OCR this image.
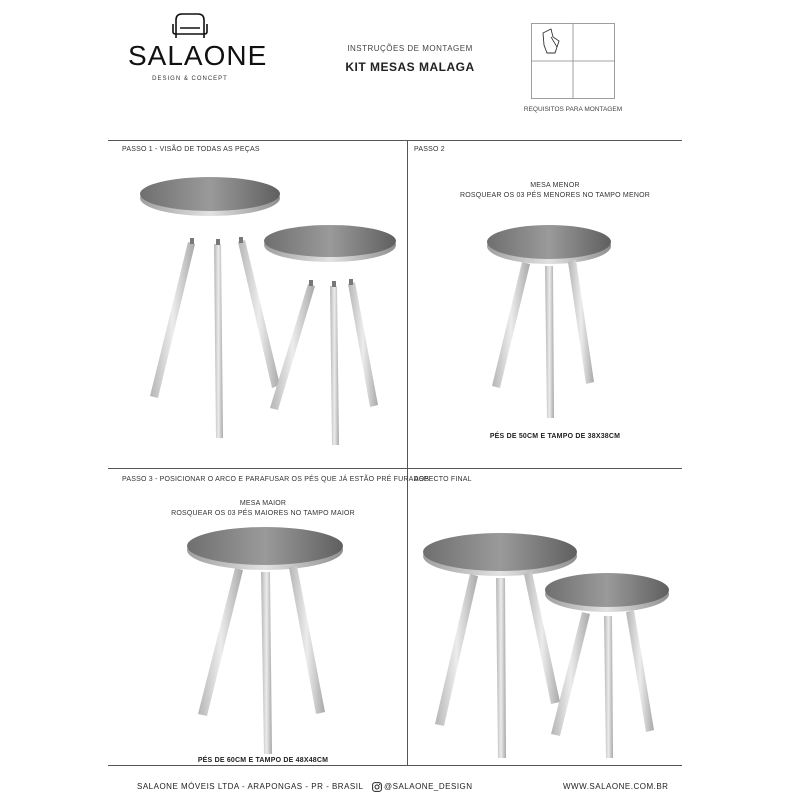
SALAONE
DESIGN & CONCEPT
INSTRUÇÕES DE MONTAGEM
KIT MESAS MALAGA
REQUISITOS PARA MONTAGEM
PASSO 1 - VISÃO DE TODAS AS PEÇAS	PASSO 2
PASSO 3 - POSICIONAR O ARCO E PARAFUSAR OS PÉS QUE JÁ ESTÃO PRÉ FURADOS
ASPECTO FINAL
MESA MENOR
ROSQUEAR OS 03 PÉS MENORES NO TAMPO MENOR
PÉS DE 50CM E TAMPO DE 38X38CM
MESA MAIOR
ROSQUEAR OS 03 PÉS MAIORES NO TAMPO MAIOR
PÉS DE 60CM E TAMPO DE 48X48CM
SALAONE MÓVEIS LTDA - ARAPONGAS - PR - BRASIL	@SALAONE_DESIGN	WWW.SALAONE.COM.BR
